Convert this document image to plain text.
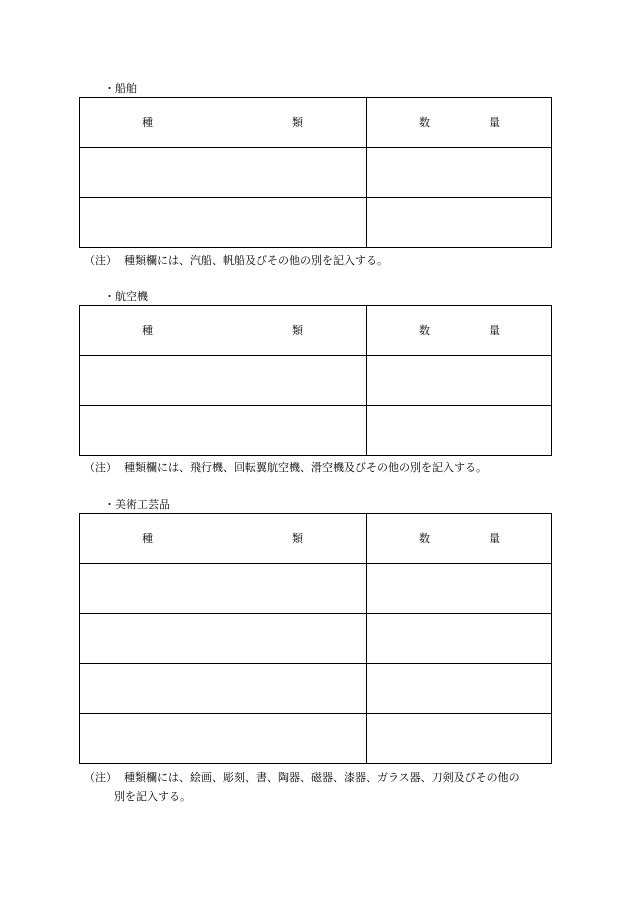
・船舶
種 類	数 量

（注） 種類欄には、汽船、帆船及びその他の別を記入する。
・航空機
種 類	数 量

（注） 種類欄には、飛行機、回転翼航空機、滑空機及びその他の別を記入する。
・美術工芸品
種 類	数 量

（注） 種類欄には、絵画、彫刻、書、陶器、磁器、漆器、ガラス器、刀剣及びその他の
別を記入する。
